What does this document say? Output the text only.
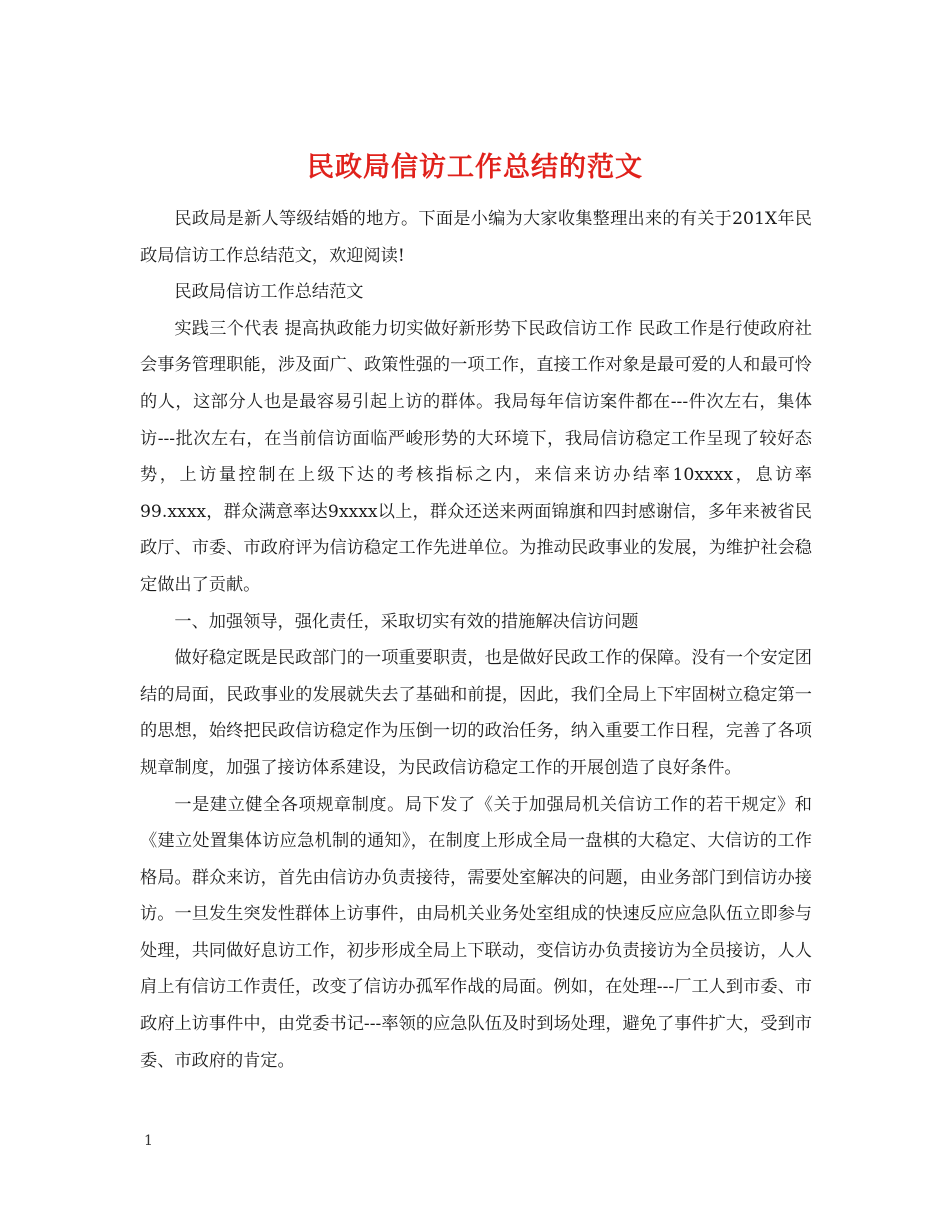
民政局信访工作总结的范文

民政局是新人等级结婚的地方。下面是小编为大家收集整理出来的有关于201X年民政局信访工作总结范文，欢迎阅读!

民政局信访工作总结范文

实践三个代表 提高执政能力切实做好新形势下民政信访工作 民政工作是行使政府社会事务管理职能，涉及面广、政策性强的一项工作，直接工作对象是最可爱的人和最可怜的人，这部分人也是最容易引起上访的群体。我局每年信访案件都在---件次左右，集体访---批次左右，在当前信访面临严峻形势的大环境下，我局信访稳定工作呈现了较好态势，上访量控制在上级下达的考核指标之内，来信来访办结率10xxxx，息访率99.xxxx，群众满意率达9xxxx以上，群众还送来两面锦旗和四封感谢信，多年来被省民政厅、市委、市政府评为信访稳定工作先进单位。为推动民政事业的发展，为维护社会稳定做出了贡献。

一、加强领导，强化责任，采取切实有效的措施解决信访问题

做好稳定既是民政部门的一项重要职责，也是做好民政工作的保障。没有一个安定团结的局面，民政事业的发展就失去了基础和前提，因此，我们全局上下牢固树立稳定第一的思想，始终把民政信访稳定作为压倒一切的政治任务，纳入重要工作日程，完善了各项规章制度，加强了接访体系建设，为民政信访稳定工作的开展创造了良好条件。

一是建立健全各项规章制度。局下发了《关于加强局机关信访工作的若干规定》和《建立处置集体访应急机制的通知》，在制度上形成全局一盘棋的大稳定、大信访的工作格局。群众来访，首先由信访办负责接待，需要处室解决的问题，由业务部门到信访办接访。一旦发生突发性群体上访事件，由局机关业务处室组成的快速反应应急队伍立即参与处理，共同做好息访工作，初步形成全局上下联动，变信访办负责接访为全员接访，人人肩上有信访工作责任，改变了信访办孤军作战的局面。例如，在处理---厂工人到市委、市政府上访事件中，由党委书记---率领的应急队伍及时到场处理，避免了事件扩大，受到市委、市政府的肯定。

1
